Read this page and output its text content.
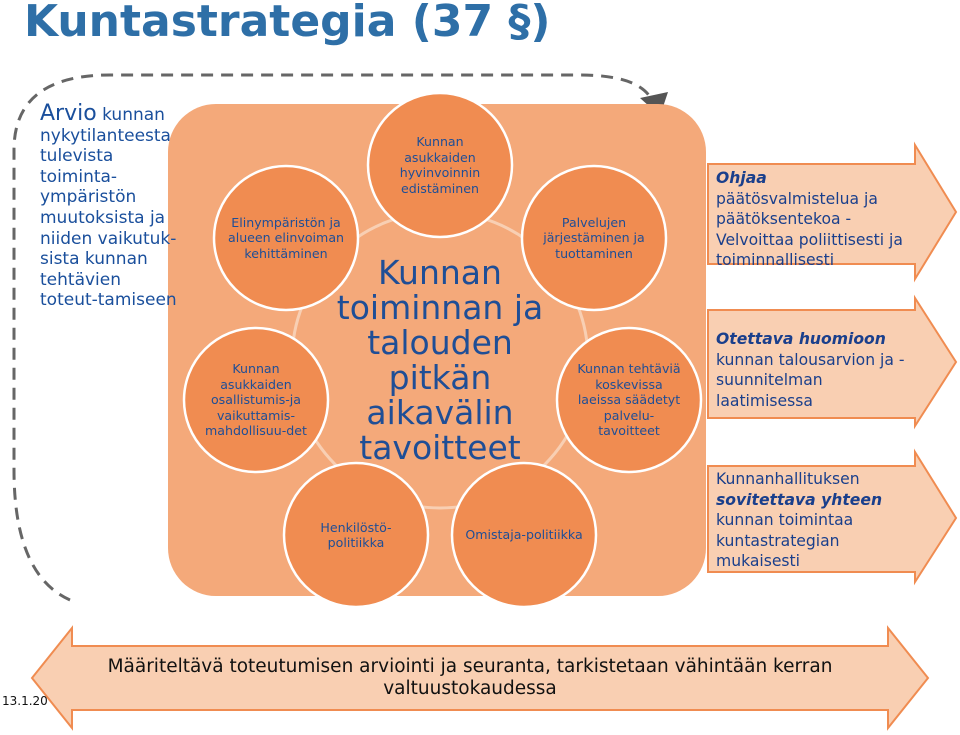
Kuntastrategia (37 §)
Arvio kunnan nykytilanteesta tulevista toiminta-ympäristön muutoksista ja niiden vaikutuk-sista kunnan tehtävien toteut-tamiseen
Kunnan toiminnan ja talouden pitkän aikavälin tavoitteet
Kunnan asukkaiden hyvinvoinnin edistäminen
Elinympäristön ja alueen elinvoiman kehittäminen
Palvelujen järjestäminen ja tuottaminen
Kunnan asukkaiden osallistumis-ja vaikuttamis-mahdollisuu-det
Kunnan tehtäviä koskevissa laeissa säädetyt palvelu-tavoitteet
Henkilöstö-politiikka
Omistaja-politiikka
Ohjaa
päätösvalmistelua ja päätöksentekoa - Velvoittaa poliittisesti ja toiminnallisesti
Otettava huomioon
kunnan talousarvion ja -suunnitelman laatimisessa
Kunnanhallituksen
sovitettava yhteen
kunnan toimintaa kuntastrategian mukaisesti
Määriteltävä toteutumisen arviointi ja seuranta, tarkistetaan vähintään kerran valtuustokaudessa
13.1.20
